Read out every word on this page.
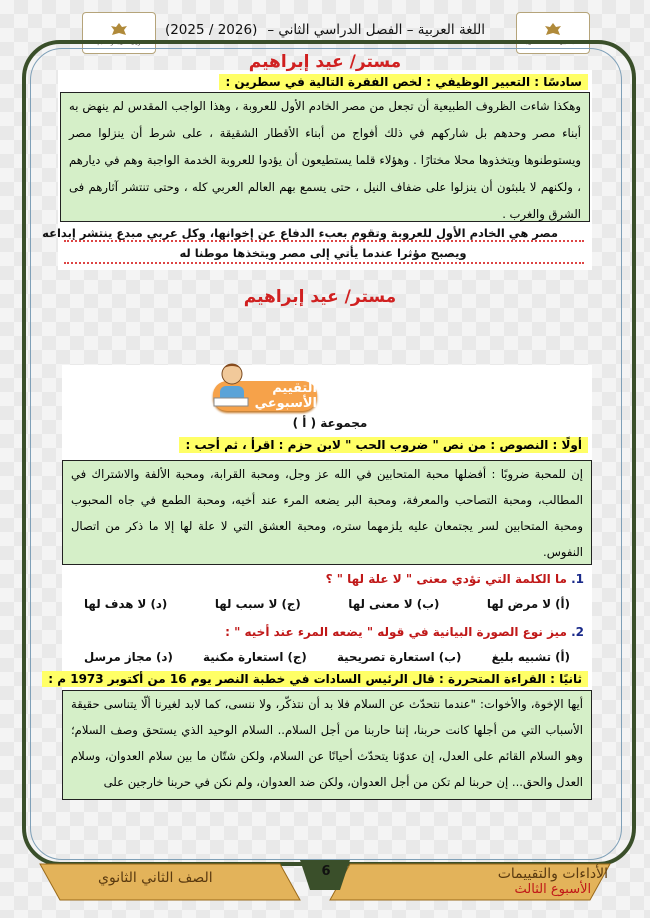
وزارة التربية والتعليم
اللغة العربية – الفصل الدراسي الثاني –
(2025 / 2026)
مكتب خبير مادة اللغة العربية
مستر/ عيد إبراهيم
سادسًا : التعبير الوظيفي : لخص الفقرة التالية في سطرين :
وهكذا شاءت الظروف الطبيعية أن تجعل من مصر الخادم الأول للعروبة ، وهذا الواجب المقدس لم ينهض به أبناء مصر وحدهم بل شاركهم في ذلك أفواج من أبناء الأقطار الشقيقة ، على شرط أن ينزلوا مصر ويستوطنوها ويتخذوها محلا مختارًا . وهؤلاء قلما يستطيعون أن يؤدوا للعروبة الخدمة الواجبة وهم في ديارهم ، ولكنهم لا يلبثون أن ينزلوا على ضفاف النيل ، حتى يسمع بهم العالم العربي كله ، وحتى تنتشر آثارهم فى الشرق والغرب .
مصر هي الخادم الأول للعروبة وتقوم بعبء الدفاع عن إخوانها، وكل عربي مبدع ينتشر إبداعه
ويصبح مؤثرا عندما يأتي إلى مصر ويتخذها موطنا له
مستر/ عيد إبراهيم
التقييم الأسبوعي
مجموعة ( أ )
أولًا : النصوص : من نص " ضروب الحب " لابن حزم : اقرأ ، ثم أجب :
إن للمحبة ضروبًا : أفضلها محبة المتحابين في الله عز وجل، ومحبة القرابة، ومحبة الألفة والاشتراك في المطالب، ومحبة التصاحب والمعرفة، ومحبة البر يضعه المرء عند أخيه، ومحبة الطمع في جاه المحبوب ومحبة المتحابين لسر يجتمعان عليه يلزمهما ستره، ومحبة العشق التي لا علة لها إلا ما ذكر من اتصال النفوس.
1. ما الكلمة التي تؤدي معنى " لا علة لها " ؟
(أ) لا مرض لها
(ب) لا معنى لها
(ج) لا سبب لها
(د) لا هدف لها
2. ميز نوع الصورة البيانية في قوله " يضعه المرء عند أخيه " :
(أ) تشبيه بليغ
(ب) استعارة تصريحية
(ج) استعارة مكنية
(د) مجاز مرسل
ثانيًا : القراءة المتحررة : قال الرئيس السادات في خطبة النصر يوم 16 من أكتوبر 1973 م :
أيها الإخوة، والأخوات: "عندما نتحدّث عن السلام فلا بد أن نتذكّر، ولا ننسى، كما لابد لغيرنا ألّا يتناسى حقيقة الأسباب التي من أجلها كانت حربنا، إننا حاربنا من أجل السلام.. السلام الوحيد الذي يستحق وصف السلام؛ وهو السلام القائم على العدل، إن عدوّنا يتحدّث أحيانًا عن السلام، ولكن شتّان ما بين سلام العدوان، وسلام العدل والحق... إن حربنا لم تكن من أجل العدوان، ولكن ضد العدوان، ولم نكن في حربنا خارجين على
الصف الثاني الثانوي	6	الأداءات والتقييمات
الأسبوع الثالث
